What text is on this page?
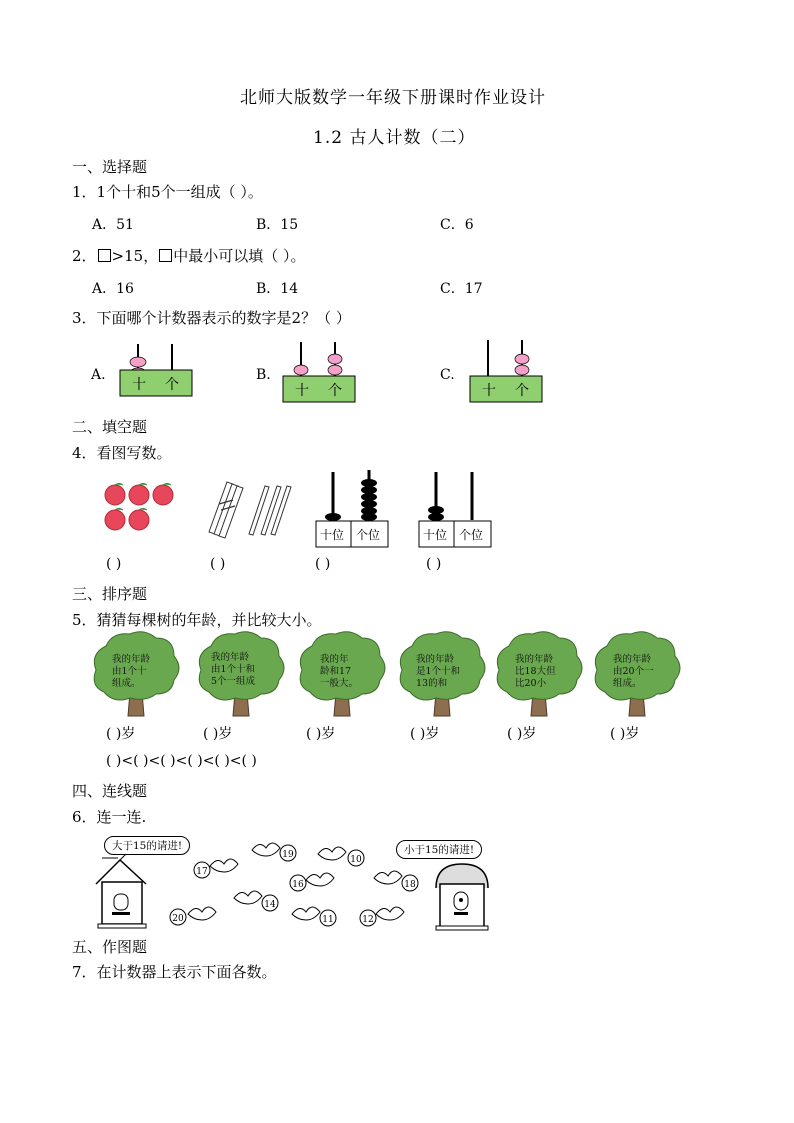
北师大版数学一年级下册课时作业设计
1.2 古人计数（二）
一、选择题
1．1个十和5个一组成（ ）。
A．51	B．15	C．6
2． >15， 中最小可以填（ ）。
A．16	B．14	C．17
3．下面哪个计数器表示的数字是2？（ ）
A.	B.	C.
十 个	十 个	十 个
二、填空题
4．看图写数。
十位 个位	十位 个位
( )	( )	( )	( )
三、排序题
5．猜猜每棵树的年龄，并比较大小。
我的年龄
由1个十
组成。
我的年龄
由1个十和
5个一组成
我的年
龄和17
一般大。
我的年龄
是1个十和
13的和
我的年龄
比18大但
比20小
我的年龄
由20个一
组成。
( )岁	( )岁	( )岁	( )岁	( )岁	( )岁
( )<( )<( )<( )<( )<( )
四、连线题
6．连一连.
大于15的请进!	小于15的请进!
17
19	10
16	18
14
20	11	12
五、作图题
7．在计数器上表示下面各数。
